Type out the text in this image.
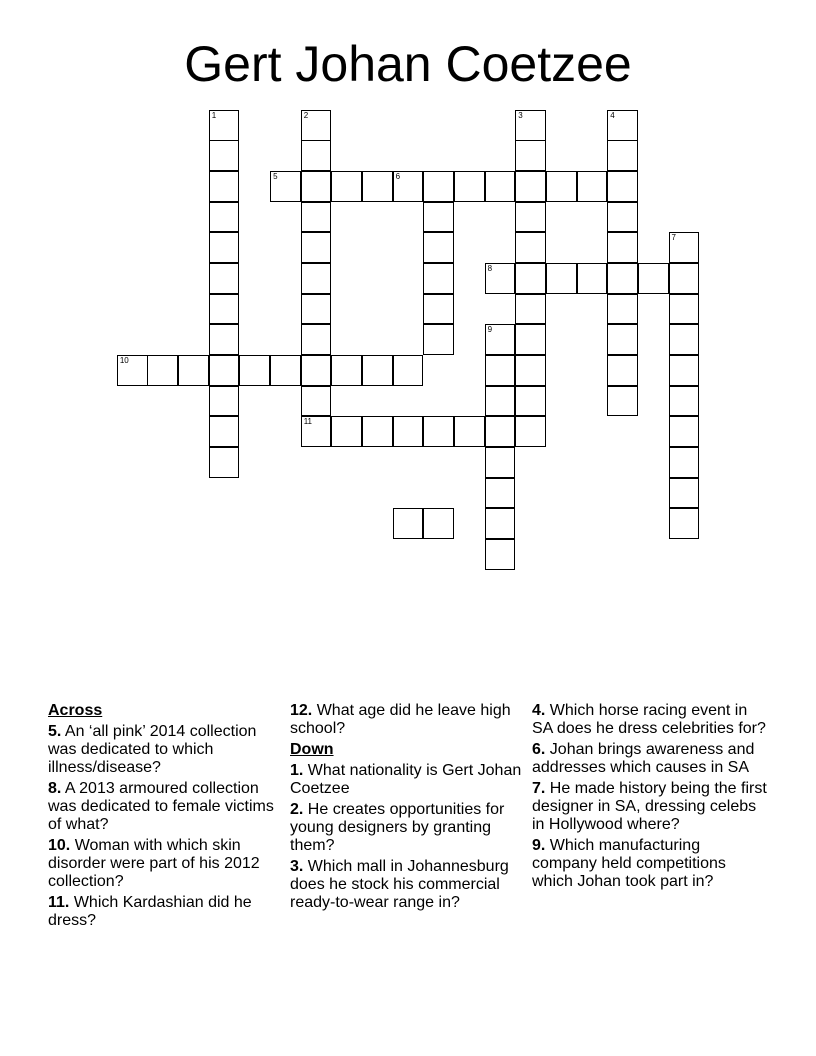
Gert Johan Coetzee
1	2
11
3	4
5	6
7
8
9
10
Across
5. An ‘all pink’ 2014 collection was dedicated to which illness/disease?
8. A 2013 armoured collection was dedicated to female victims of what?
10. Woman with which skin disorder were part of his 2012 collection?
11. Which Kardashian did he dress?
12. What age did he leave high school?
Down
1. What nationality is Gert Johan Coetzee
2. He creates opportunities for young designers by granting them?
3. Which mall in Johannesburg does he stock his commercial ready-to-wear range in?
4. Which horse racing event in SA does he dress celebrities for?
6. Johan brings awareness and addresses which causes in SA
7. He made history being the first designer in SA, dressing celebs in Hollywood where?
9. Which manufacturing company held competitions which Johan took part in?
